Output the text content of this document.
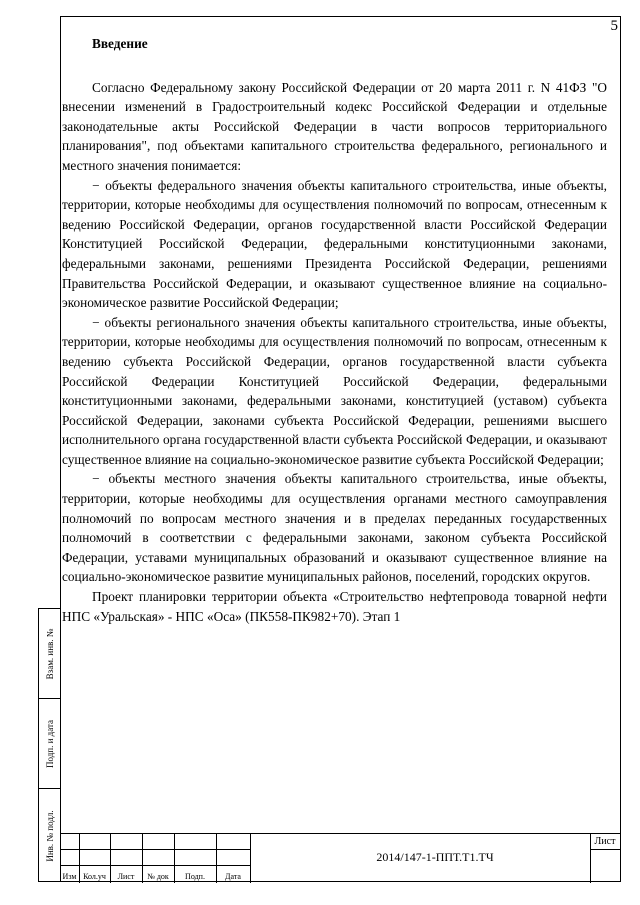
5
Введение

Согласно Федеральному закону Российской Федерации от 20 марта 2011 г. N 41ФЗ "О внесении изменений в Градостроительный кодекс Российской Федерации и отдельные законодательные акты Российской Федерации в части вопросов территориального планирования", под объектами капитального строительства федерального, регионального и местного значения понимается:

− объекты федерального значения объекты капитального строительства, иные объекты, территории, которые необходимы для осуществления полномочий по вопросам, отнесенным к ведению Российской Федерации, органов государственной власти Российской Федерации Конституцией Российской Федерации, федеральными конституционными законами, федеральными законами, решениями Президента Российской Федерации, решениями Правительства Российской Федерации, и оказывают существенное влияние на социально-экономическое развитие Российской Федерации;

− объекты регионального значения объекты капитального строительства, иные объекты, территории, которые необходимы для осуществления полномочий по вопросам, отнесенным к ведению субъекта Российской Федерации, органов государственной власти субъекта Российской Федерации Конституцией Российской Федерации, федеральными конституционными законами, федеральными законами, конституцией (уставом) субъекта Российской Федерации, законами субъекта Российской Федерации, решениями высшего исполнительного органа государственной власти субъекта Российской Федерации, и оказывают существенное влияние на социально-экономическое развитие субъекта Российской Федерации;

− объекты местного значения объекты капитального строительства, иные объекты, территории, которые необходимы для осуществления органами местного самоуправления полномочий по вопросам местного значения и в пределах переданных государственных полномочий в соответствии с федеральными законами, законом субъекта Российской Федерации, уставами муниципальных образований и оказывают существенное влияние на социально-экономическое развитие муниципальных районов, поселений, городских округов.

Проект планировки территории объекта «Строительство нефтепровода товарной нефти НПС «Уральская» - НПС «Оса» (ПК558-ПК982+70). Этап 1

Взам. инв. №
Подп. и дата
Инв. № подл.
Изм Кол.уч	Лист	№ док	Подп.	Дата
2014/147-1-ППТ.Т1.ТЧ
Лист
